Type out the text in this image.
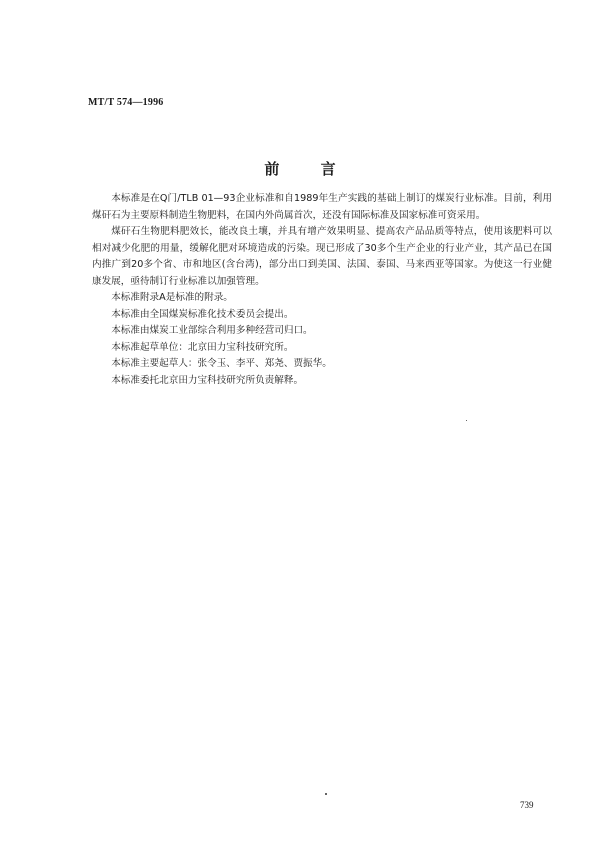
MT/T 574—1996
前 言

本标准是在Q门/TLB 01—93企业标准和自1989年生产实践的基础上制订的煤炭行业标准。目前，利用煤矸石为主要原料制造生物肥料，在国内外尚属首次，还没有国际标准及国家标准可资采用。

煤矸石生物肥料肥效长，能改良土壤，并具有增产效果明显、提高农产品品质等特点，使用该肥料可以相对减少化肥的用量，缓解化肥对环境造成的污染。现已形成了30多个生产企业的行业产业，其产品已在国内推广到20多个省、市和地区(含台湾)，部分出口到美国、法国、泰国、马来西亚等国家。为使这一行业健康发展，亟待制订行业标准以加强管理。

本标准附录A是标准的附录。

本标准由全国煤炭标准化技术委员会提出。

本标准由煤炭工业部综合利用多种经营司归口。

本标准起草单位：北京田力宝科技研究所。

本标准主要起草人：张令玉、李平、郑尧、贾振华。

本标准委托北京田力宝科技研究所负责解释。

739
